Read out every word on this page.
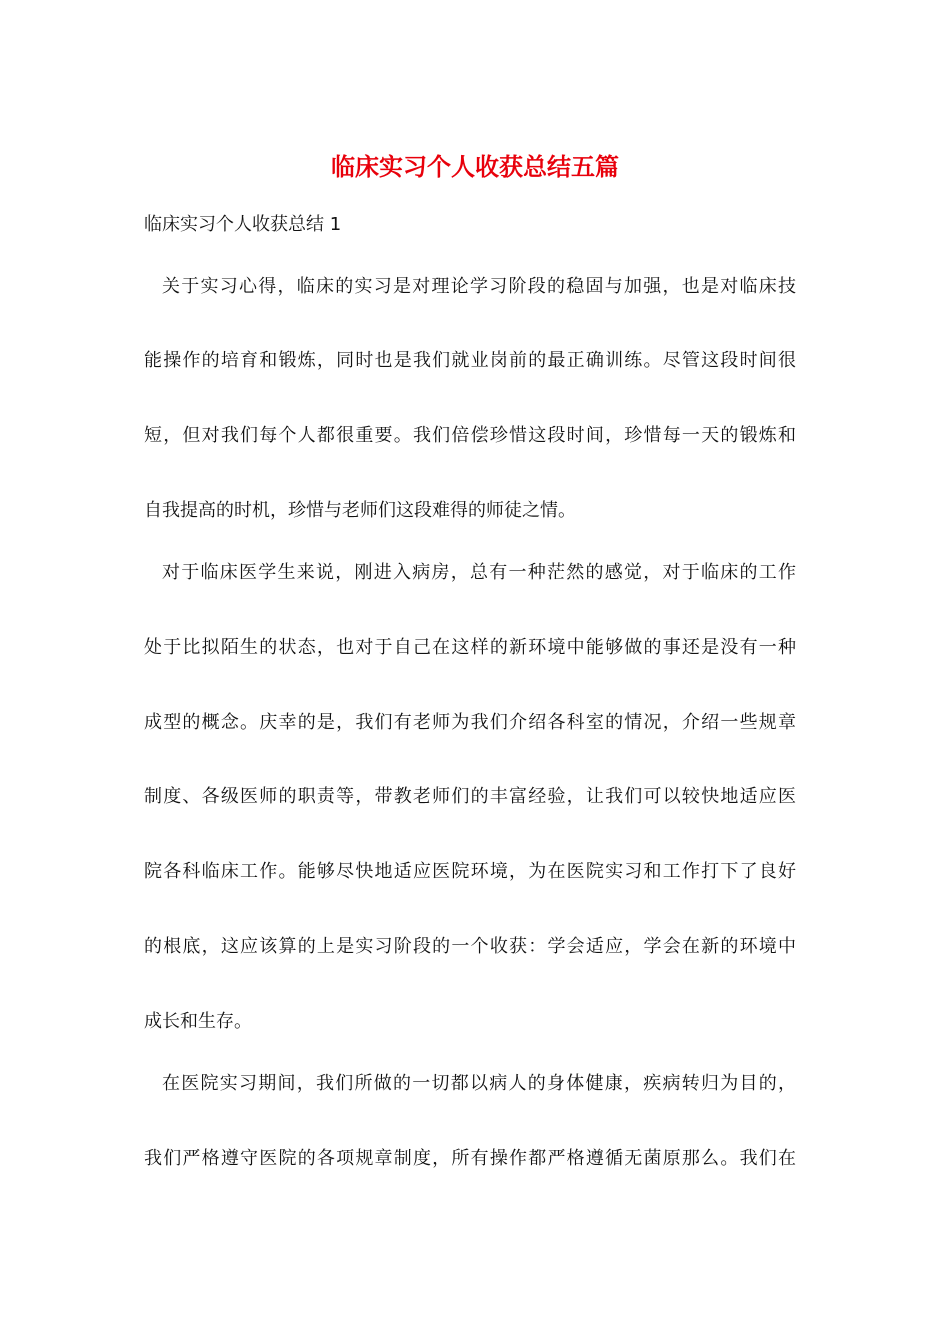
临床实习个人收获总结五篇
临床实习个人收获总结 1
关于实习心得，临床的实习是对理论学习阶段的稳固与加强，也是对临床技
能操作的培育和锻炼，同时也是我们就业岗前的最正确训练。尽管这段时间很
短，但对我们每个人都很重要。我们倍偿珍惜这段时间，珍惜每一天的锻炼和
自我提高的时机，珍惜与老师们这段难得的师徒之情。
对于临床医学生来说，刚进入病房，总有一种茫然的感觉，对于临床的工作
处于比拟陌生的状态，也对于自己在这样的新环境中能够做的事还是没有一种
成型的概念。庆幸的是，我们有老师为我们介绍各科室的情况，介绍一些规章
制度、各级医师的职责等，带教老师们的丰富经验，让我们可以较快地适应医
院各科临床工作。能够尽快地适应医院环境，为在医院实习和工作打下了良好
的根底，这应该算的上是实习阶段的一个收获：学会适应，学会在新的环境中
成长和生存。
在医院实习期间，我们所做的一切都以病人的身体健康，疾病转归为目的，
我们严格遵守医院的各项规章制度，所有操作都严格遵循无菌原那么。我们在
